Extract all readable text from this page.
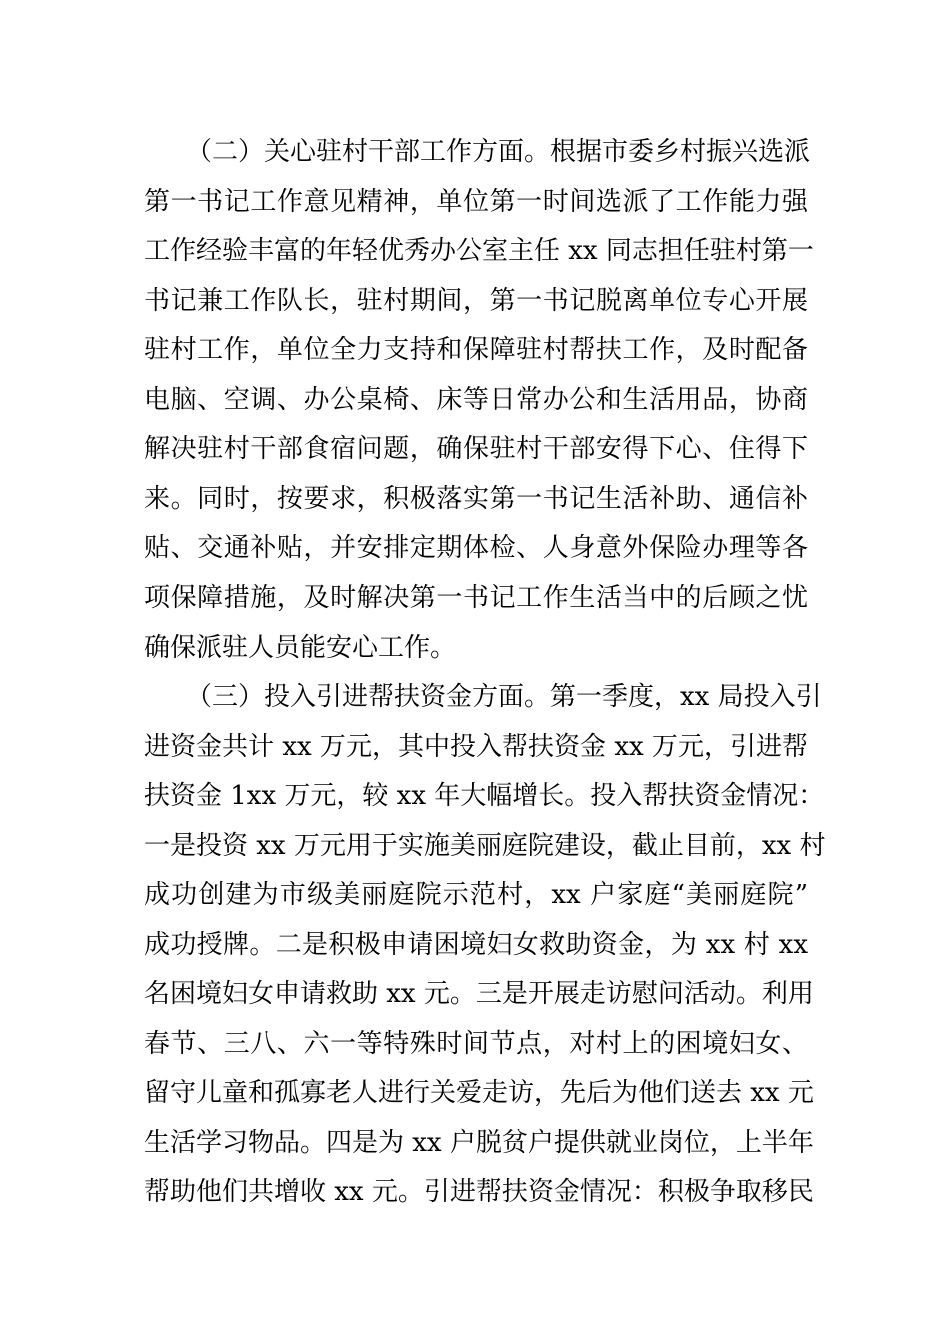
（二）关心驻村干部工作方面。根据市委乡村振兴选派

第一书记工作意见精神，单位第一时间选派了工作能力强

工作经验丰富的年轻优秀办公室主任 xx 同志担任驻村第一

书记兼工作队长，驻村期间，第一书记脱离单位专心开展

驻村工作，单位全力支持和保障驻村帮扶工作，及时配备

电脑、空调、办公桌椅、床等日常办公和生活用品，协商

解决驻村干部食宿问题，确保驻村干部安得下心、住得下

来。同时，按要求，积极落实第一书记生活补助、通信补

贴、交通补贴，并安排定期体检、人身意外保险办理等各

项保障措施，及时解决第一书记工作生活当中的后顾之忧

确保派驻人员能安心工作。

（三）投入引进帮扶资金方面。第一季度，xx 局投入引

进资金共计 xx 万元，其中投入帮扶资金 xx 万元，引进帮

扶资金 1xx 万元，较 xx 年大幅增长。投入帮扶资金情况：

一是投资 xx 万元用于实施美丽庭院建设，截止目前，xx 村

成功创建为市级美丽庭院示范村，xx 户家庭“美丽庭院”

成功授牌。二是积极申请困境妇女救助资金，为 xx 村 xx

名困境妇女申请救助 xx 元。三是开展走访慰问活动。利用

春节、三八、六一等特殊时间节点，对村上的困境妇女、

留守儿童和孤寡老人进行关爱走访，先后为他们送去 xx 元

生活学习物品。四是为 xx 户脱贫户提供就业岗位，上半年

帮助他们共增收 xx 元。引进帮扶资金情况：积极争取移民
